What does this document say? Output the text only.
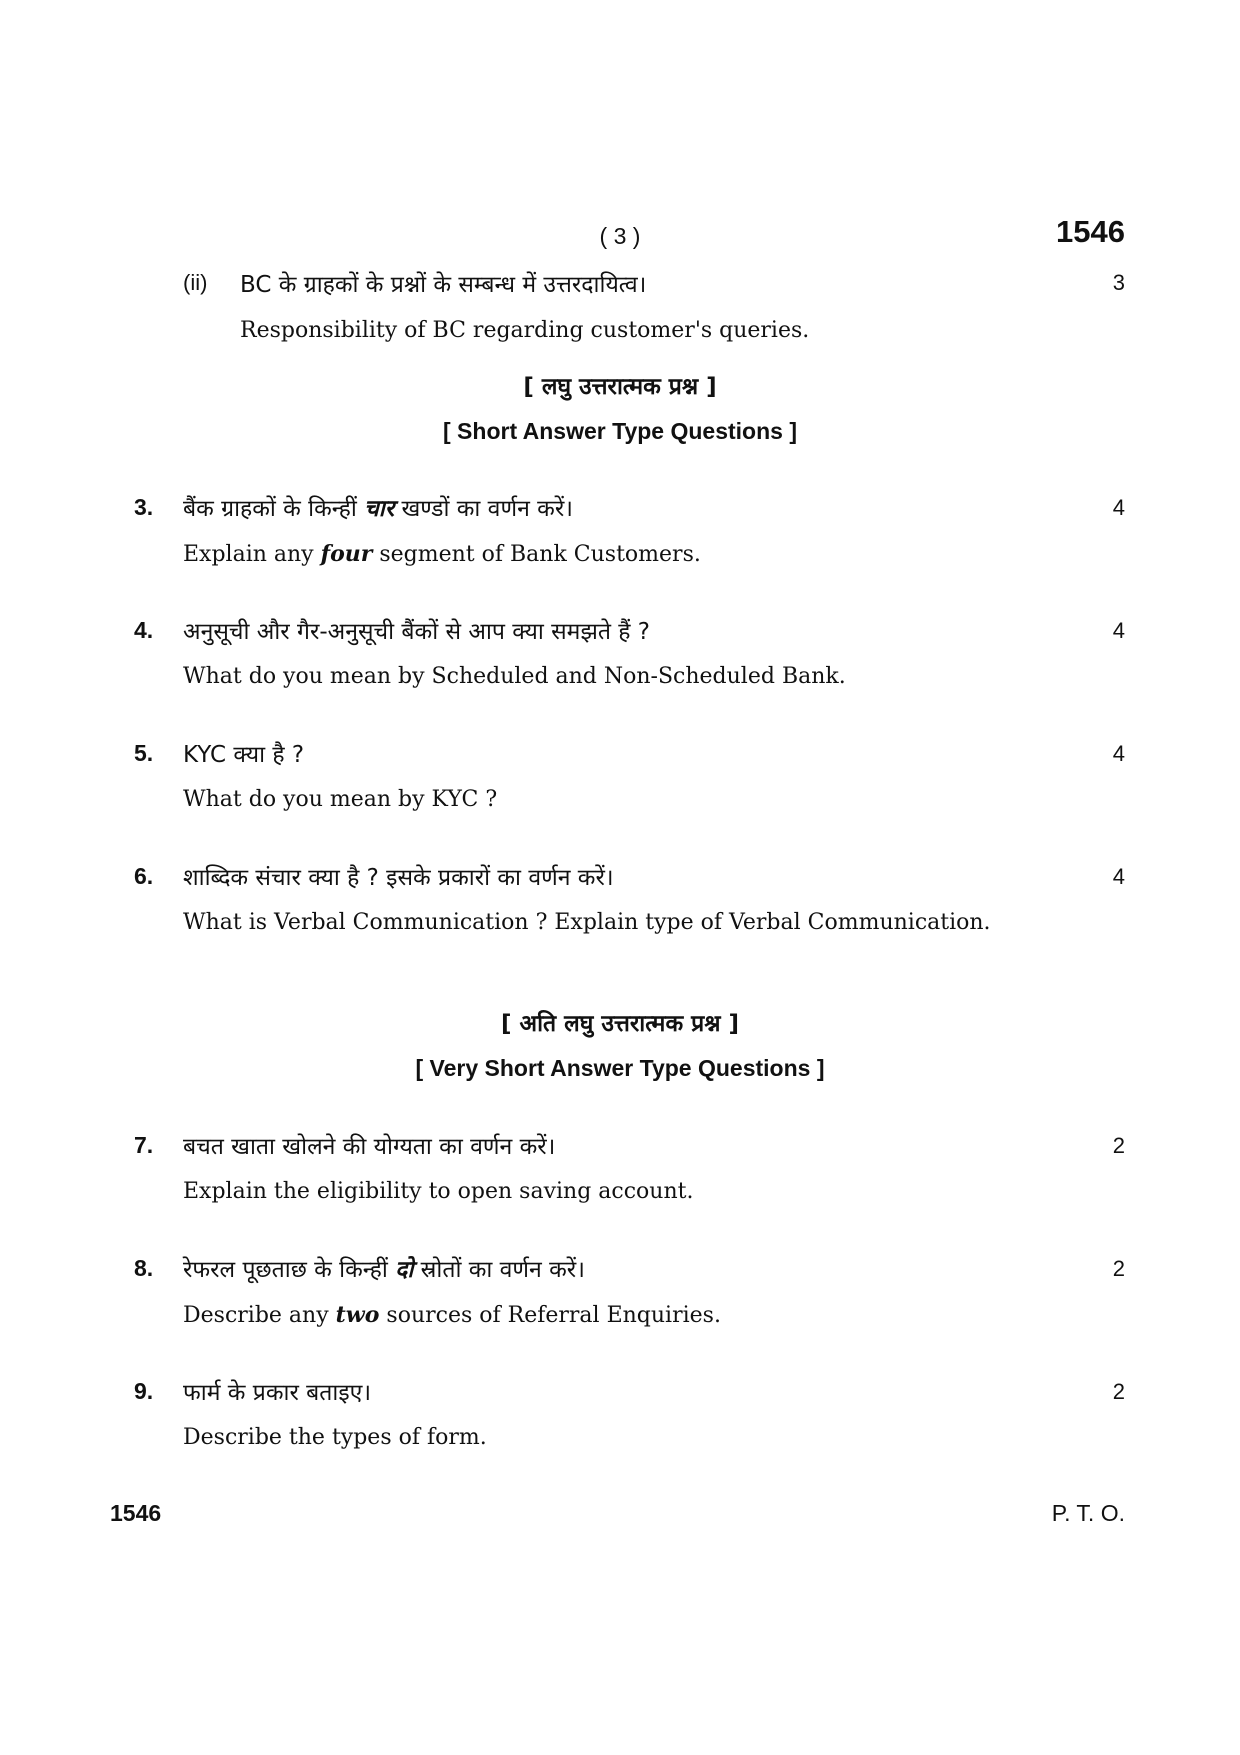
( 3 )	1546
(ii) BC के ग्राहकों के प्रश्नों के सम्बन्ध में उत्तरदायित्व।	3
Responsibility of BC regarding customer's queries.
[ लघु उत्तरात्मक प्रश्न ]
[ Short Answer Type Questions ]
3. बैंक ग्राहकों के किन्हीं चार खण्डों का वर्णन करें।	4
Explain any four segment of Bank Customers.
4. अनुसूची और गैर-अनुसूची बैंकों से आप क्या समझते हैं ?	4
What do you mean by Scheduled and Non-Scheduled Bank.
5. KYC क्या है ?	4
What do you mean by KYC ?
6. शाब्दिक संचार क्या है ? इसके प्रकारों का वर्णन करें।	4
What is Verbal Communication ? Explain type of Verbal Communication.
[ अति लघु उत्तरात्मक प्रश्न ]
[ Very Short Answer Type Questions ]
7. बचत खाता खोलने की योग्यता का वर्णन करें।	2
Explain the eligibility to open saving account.
8. रेफरल पूछताछ के किन्हीं दो स्रोतों का वर्णन करें।	2
Describe any two sources of Referral Enquiries.
9. फार्म के प्रकार बताइए।	2
Describe the types of form.
1546	P. T. O.
